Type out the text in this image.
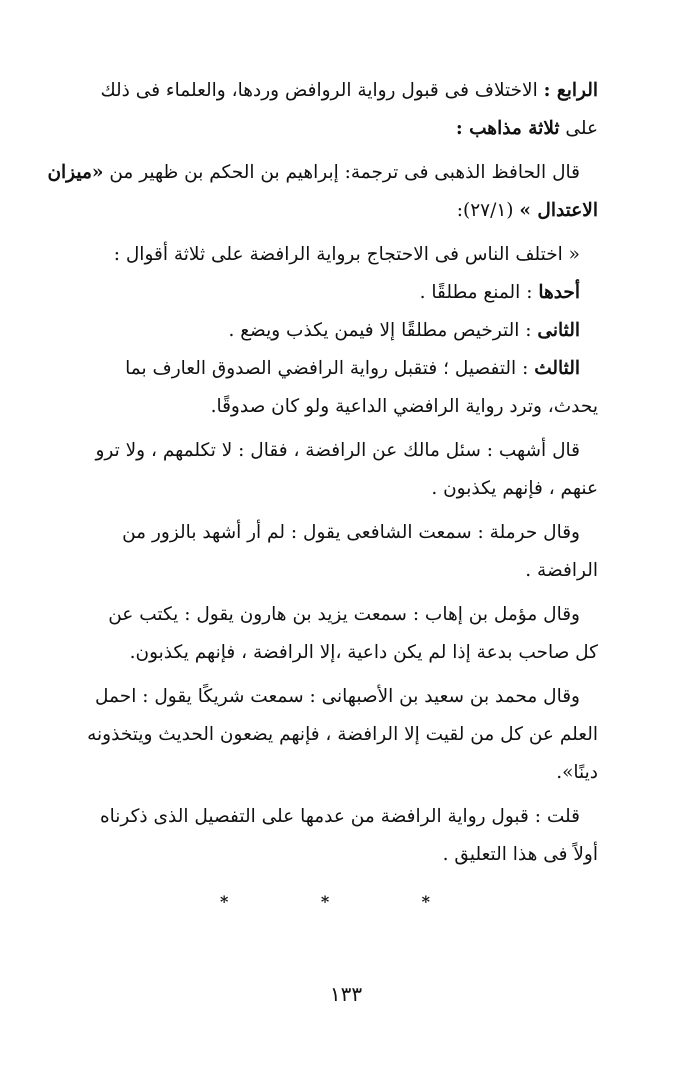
الرابع : الاختلاف فى قبول رواية الروافض وردها، والعلماء فى ذلك
على ثلاثة مذاهب :
قال الحافظ الذهبى فى ترجمة: إبراهيم بن الحكم بن ظهير من «ميزان
الاعتدال » (٢٧/١):
« اختلف الناس فى الاحتجاج برواية الرافضة على ثلاثة أقوال :
أحدها : المنع مطلقًا .
الثانى : الترخيص مطلقًا إلا فيمن يكذب ويضع .
الثالث : التفصيل ؛ فتقبل رواية الرافضي الصدوق العارف بما
يحدث، وترد رواية الرافضي الداعية ولو كان صدوقًا.
قال أشهب : سئل مالك عن الرافضة ، فقال : لا تكلمهم ، ولا ترو
عنهم ، فإنهم يكذبون .
وقال حرملة : سمعت الشافعى يقول : لم أر أشهد بالزور من
الرافضة .
وقال مؤمل بن إهاب : سمعت يزيد بن هارون يقول : يكتب عن
كل صاحب بدعة إذا لم يكن داعية ،إلا الرافضة ، فإنهم يكذبون.
وقال محمد بن سعيد بن الأصبهانى : سمعت شريكًا يقول : احمل
العلم عن كل من لقيت إلا الرافضة ، فإنهم يضعون الحديث ويتخذونه
دينًا».
قلت : قبول رواية الرافضة من عدمها على التفصيل الذى ذكرناه
أولاً فى هذا التعليق .
*	*	*
١٣٣
